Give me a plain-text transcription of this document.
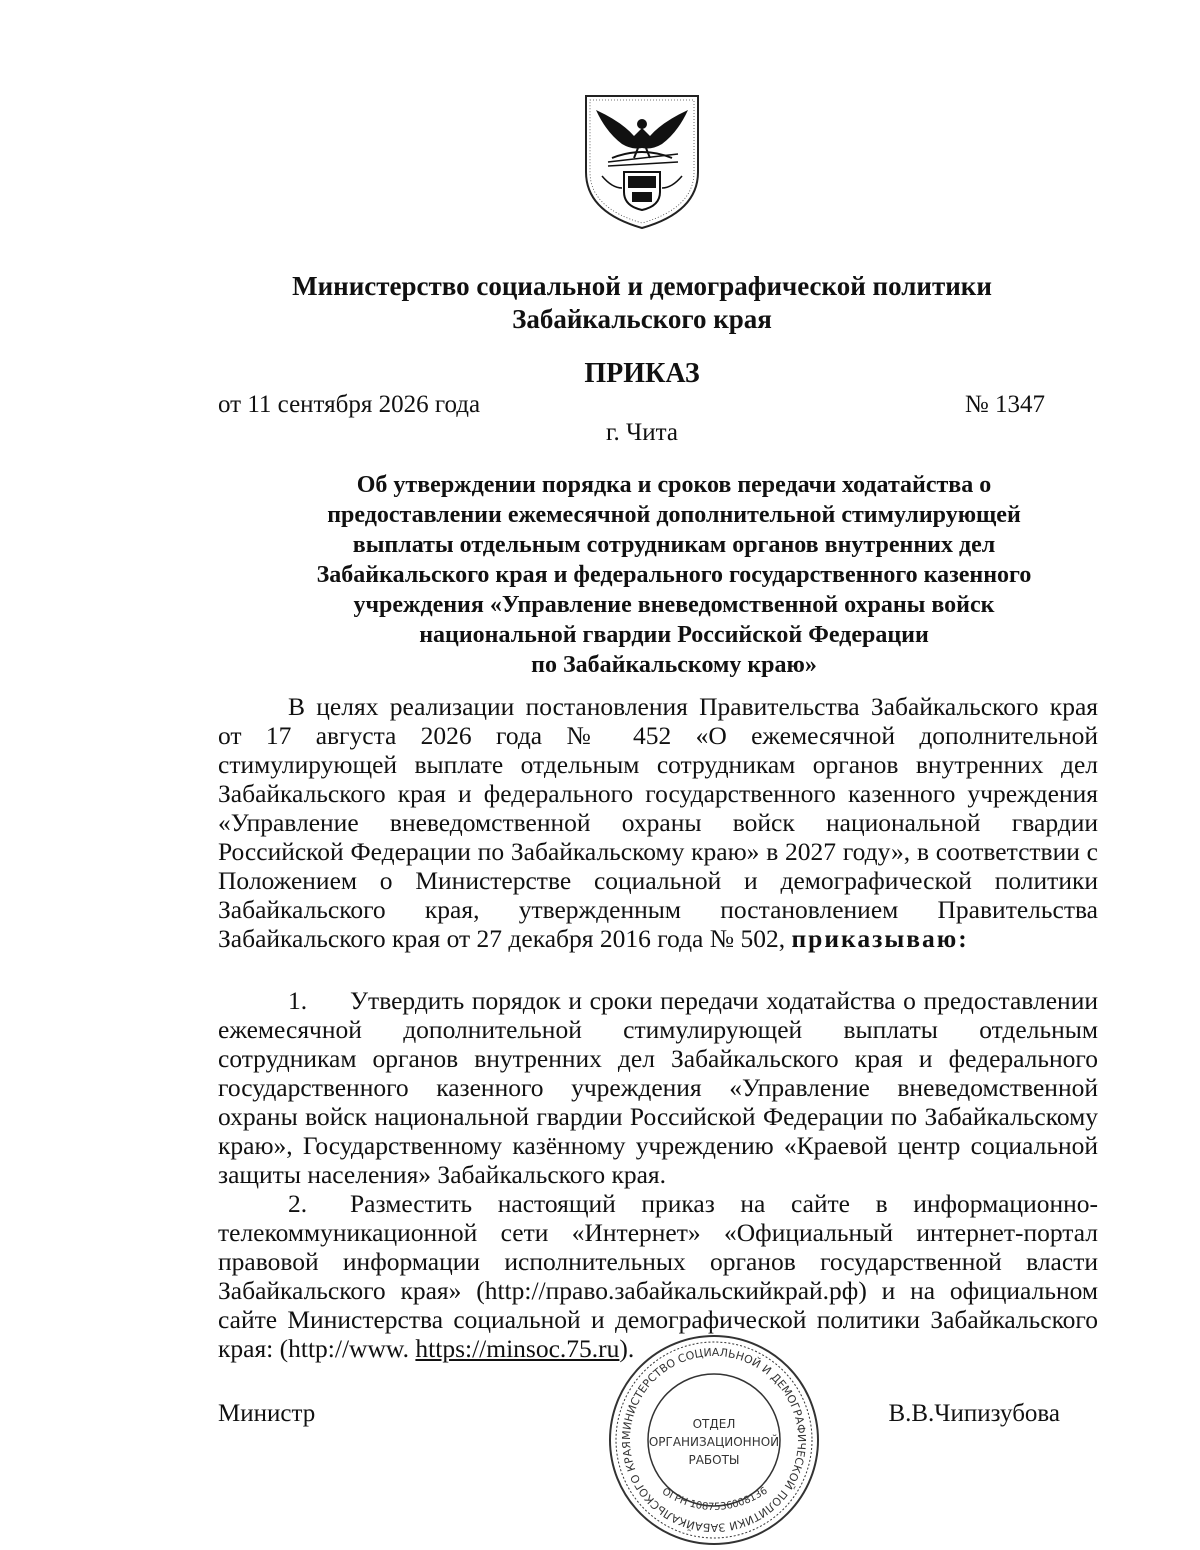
Министерство социальной и демографической политики
Забайкальского края
ПРИКАЗ
от 11 сентября 2026 года	№ 1347
г. Чита
Об утверждении порядка и сроков передачи ходатайства о
предоставлении ежемесячной дополнительной стимулирующей
выплаты отдельным сотрудникам органов внутренних дел
Забайкальского края и федерального государственного казенного
учреждения «Управление вневедомственной охраны войск
национальной гвардии Российской Федерации
по Забайкальскому краю»

В целях реализации постановления Правительства Забайкальского края от 17 августа 2026 года № 452 «О ежемесячной дополнительной стимулирующей выплате отдельным сотрудникам органов внутренних дел Забайкальского края и федерального государственного казенного учреждения «Управление вневедомственной охраны войск национальной гвардии Российской Федерации по Забайкальскому краю» в 2027 году», в соответствии с Положением о Министерстве социальной и демографической политики Забайкальского края, утвержденным постановлением Правительства Забайкальского края от 27 декабря 2016 года № 502, приказываю:

1. Утвердить порядок и сроки передачи ходатайства о предоставлении ежемесячной дополнительной стимулирующей выплаты отдельным сотрудникам органов внутренних дел Забайкальского края и федерального государственного казенного учреждения «Управление вневедомственной охраны войск национальной гвардии Российской Федерации по Забайкальскому краю», Государственному казённому учреждению «Краевой центр социальной защиты населения» Забайкальского края.

2. Разместить настоящий приказ на сайте в информационно-телекоммуникационной сети «Интернет» «Официальный интернет-портал правовой информации исполнительных органов государственной власти Забайкальского края» (http://право.забайкальскийкрай.рф) и на официальном сайте Министерства социальной и демографической политики Забайкальского края: (http://www. https://minsoc.75.ru).

Министр	В.В.Чипизубова
МИНИСТЕРСТВО СОЦИАЛЬНОЙ И ДЕМОГРАФИЧЕСКОЙ ПОЛИТИКИ ЗАБАЙКАЛЬСКОГО КРАЯ
ОТДЕЛ
ОРГАНИЗАЦИОННОЙ
РАБОТЫ
ОГРН 1087536008136
